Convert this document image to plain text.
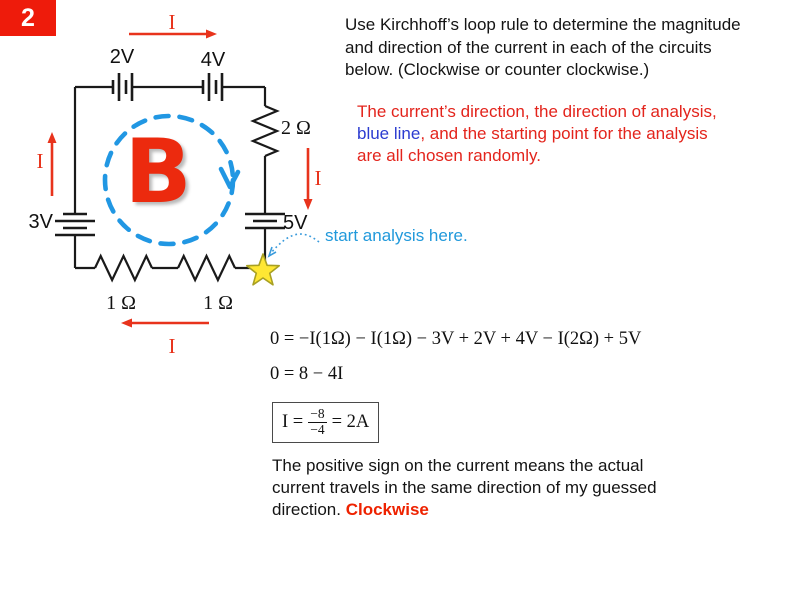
2	Use Kirchhoff’s loop rule to determine the magnitude
and direction of the current in each of the circuits
below. (Clockwise or counter clockwise.)
The current’s direction, the direction of analysis,
blue line, and the starting point for the analysis
are all chosen randomly.
2V	4V
2 Ω
3V	5V
1 Ω	1 Ω
I
I
I
I
B
start analysis here.
0 = −I(1Ω) − I(1Ω) − 3V + 2V + 4V − I(2Ω) + 5V
0 = 8 − 4I
$I = \frac{-8}{-4} = 2A$
The positive sign on the current means the actual
current travels in the same direction of my guessed
direction. Clockwise
